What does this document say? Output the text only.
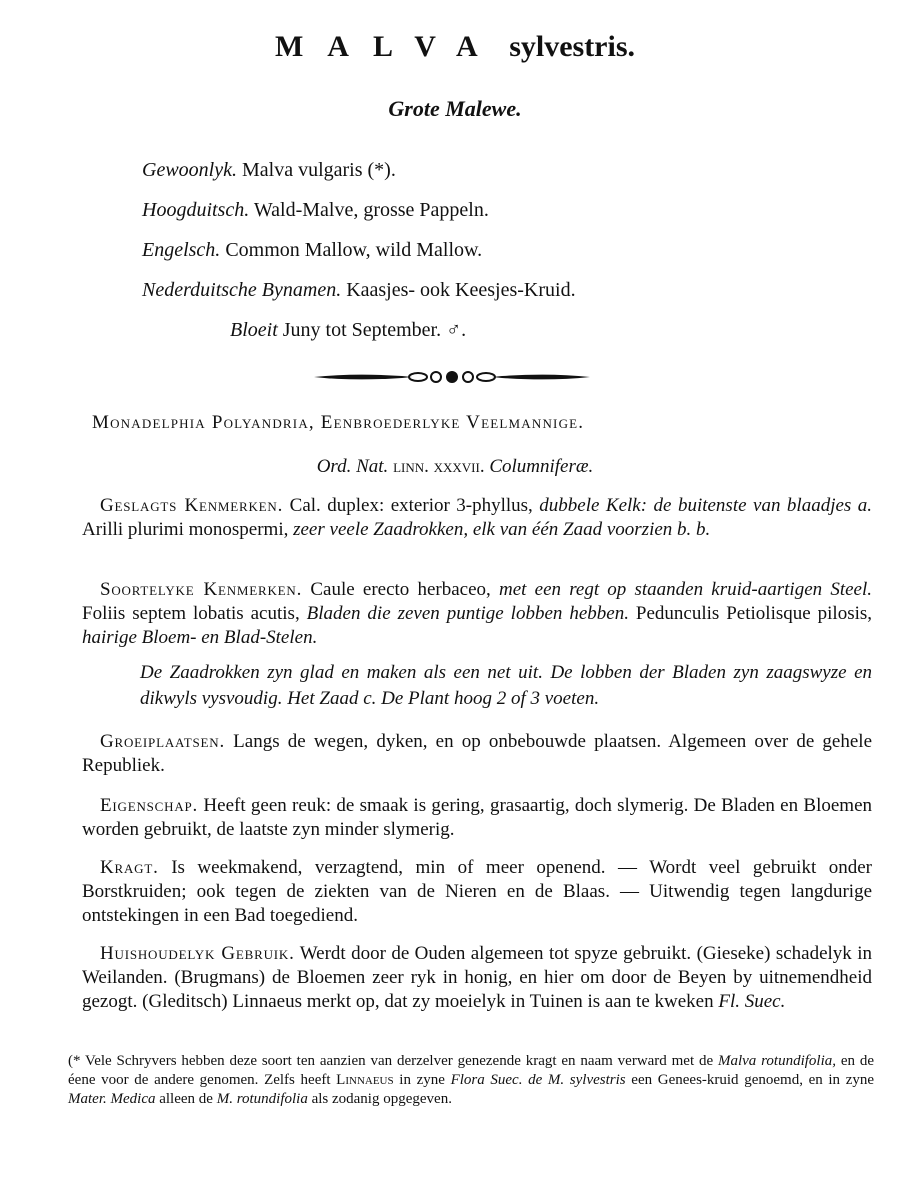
MALVA sylvestris.
Grote Malewe.
Gewoonlyk. Malva vulgaris (*).
Hoogduitsch. Wald-Malve, grosse Pappeln.
Engelsch. Common Mallow, wild Mallow.
Nederduitsche Bynamen. Kaasjes- ook Keesjes-Kruid.
Bloeit Juny tot September. ♂.
Monadelphia Polyandria, Eenbroederlyke Veelmannige.
Ord. Nat. linn. xxxvii. Columniferæ.
Geslagts Kenmerken. Cal. duplex: exterior 3-phyllus, dubbele Kelk: de buitenste van blaadjes a. Arilli plurimi monospermi, zeer veele Zaadrokken, elk van één Zaad voorzien b. b.
Soortelyke Kenmerken. Caule erecto herbaceo, met een regt op staanden kruid-aartigen Steel. Foliis septem lobatis acutis, Bladen die zeven puntige lobben hebben. Pedunculis Petiolisque pilosis, hairige Bloem- en Blad-Stelen.
De Zaadrokken zyn glad en maken als een net uit. De lobben der Bladen zyn zaagswyze en dikwyls vysvoudig. Het Zaad c. De Plant hoog 2 of 3 voeten.
Groeiplaatsen. Langs de wegen, dyken, en op onbebouwde plaatsen. Algemeen over de gehele Republiek.
Eigenschap. Heeft geen reuk: de smaak is gering, grasaartig, doch slymerig. De Bladen en Bloemen worden gebruikt, de laatste zyn minder slymerig.
Kragt. Is weekmakend, verzagtend, min of meer openend. — Wordt veel gebruikt onder Borstkruiden; ook tegen de ziekten van de Nieren en de Blaas. — Uitwendig tegen langdurige ontstekingen in een Bad toegediend.
Huishoudelyk Gebruik. Werdt door de Ouden algemeen tot spyze gebruikt. (Gieseke) schadelyk in Weilanden. (Brugmans) de Bloemen zeer ryk in honig, en hier om door de Beyen by uitnemendheid gezogt. (Gleditsch) Linnaeus merkt op, dat zy moeielyk in Tuinen is aan te kweken Fl. Suec.
(* Vele Schryvers hebben deze soort ten aanzien van derzelver genezende kragt en naam verward met de Malva rotundifolia, en de éene voor de andere genomen. Zelfs heeft Linnaeus in zyne Flora Suec. de M. sylvestris een Genees-kruid genoemd, en in zyne Mater. Medica alleen de M. rotundifolia als zodanig opgegeven.
